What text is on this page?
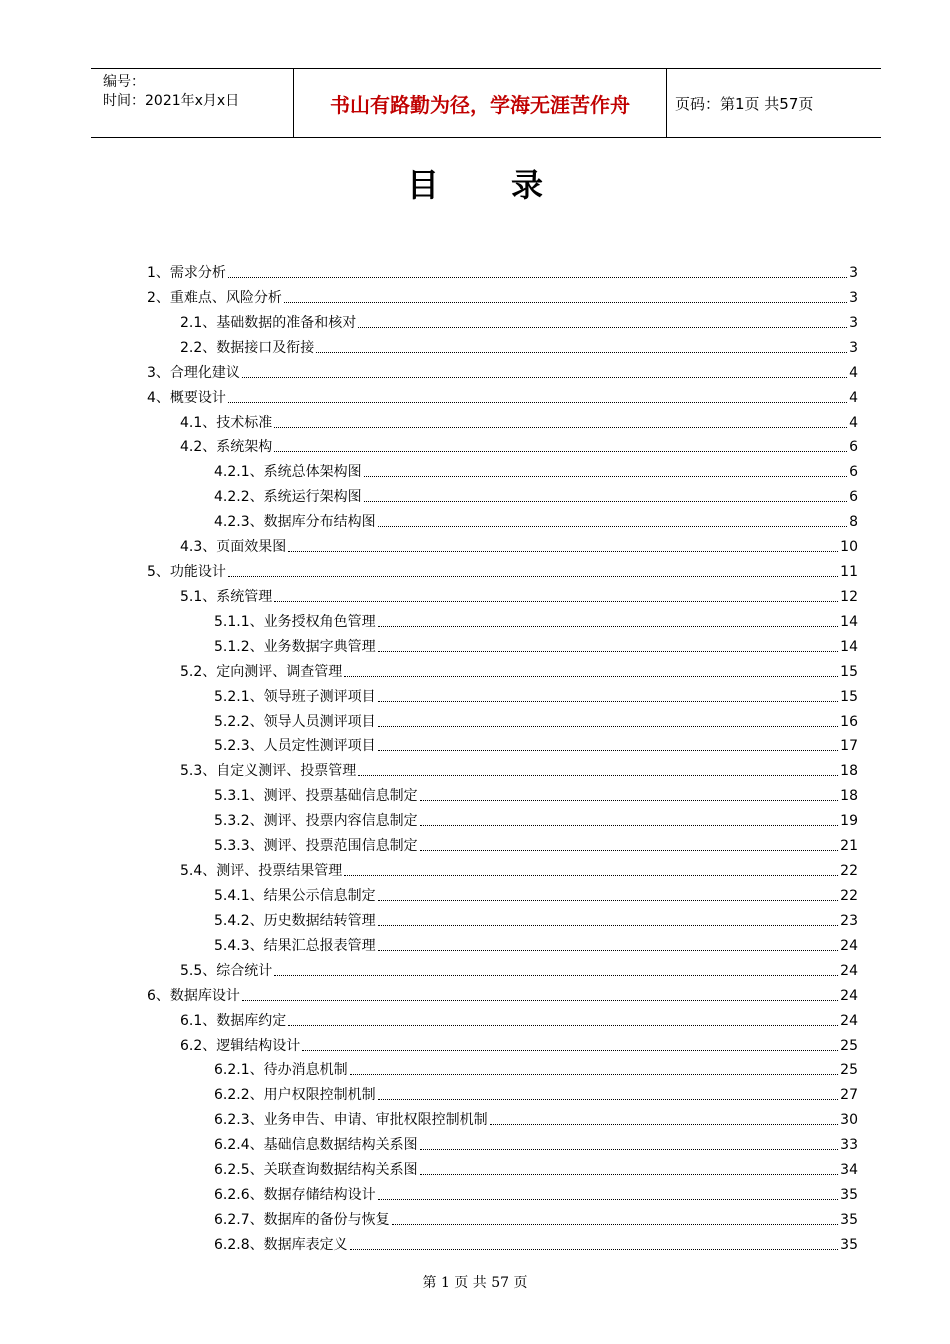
编号：
时间：2021年x月x日	书山有路勤为径，学海无涯苦作舟	页码：第1页 共57页
目 录
1、需求分析	3
2、重难点、风险分析	3
2.1、基础数据的准备和核对	3
2.2、数据接口及衔接	3
3、合理化建议	4
4、概要设计	4
4.1、技术标准	4
4.2、系统架构	6
4.2.1、系统总体架构图	6
4.2.2、系统运行架构图	6
4.2.3、数据库分布结构图	8
4.3、页面效果图	10
5、功能设计	11
5.1、系统管理	12
5.1.1、业务授权角色管理	14
5.1.2、业务数据字典管理	14
5.2、定向测评、调查管理	15
5.2.1、领导班子测评项目	15
5.2.2、领导人员测评项目	16
5.2.3、人员定性测评项目	17
5.3、自定义测评、投票管理	18
5.3.1、测评、投票基础信息制定	18
5.3.2、测评、投票内容信息制定	19
5.3.3、测评、投票范围信息制定	21
5.4、测评、投票结果管理	22
5.4.1、结果公示信息制定	22
5.4.2、历史数据结转管理	23
5.4.3、结果汇总报表管理	24
5.5、综合统计	24
6、数据库设计	24
6.1、数据库约定	24
6.2、逻辑结构设计	25
6.2.1、待办消息机制	25
6.2.2、用户权限控制机制	27
6.2.3、业务申告、申请、审批权限控制机制	30
6.2.4、基础信息数据结构关系图	33
6.2.5、关联查询数据结构关系图	34
6.2.6、数据存储结构设计	35
6.2.7、数据库的备份与恢复	35
6.2.8、数据库表定义	35
第 1 页 共 57 页
